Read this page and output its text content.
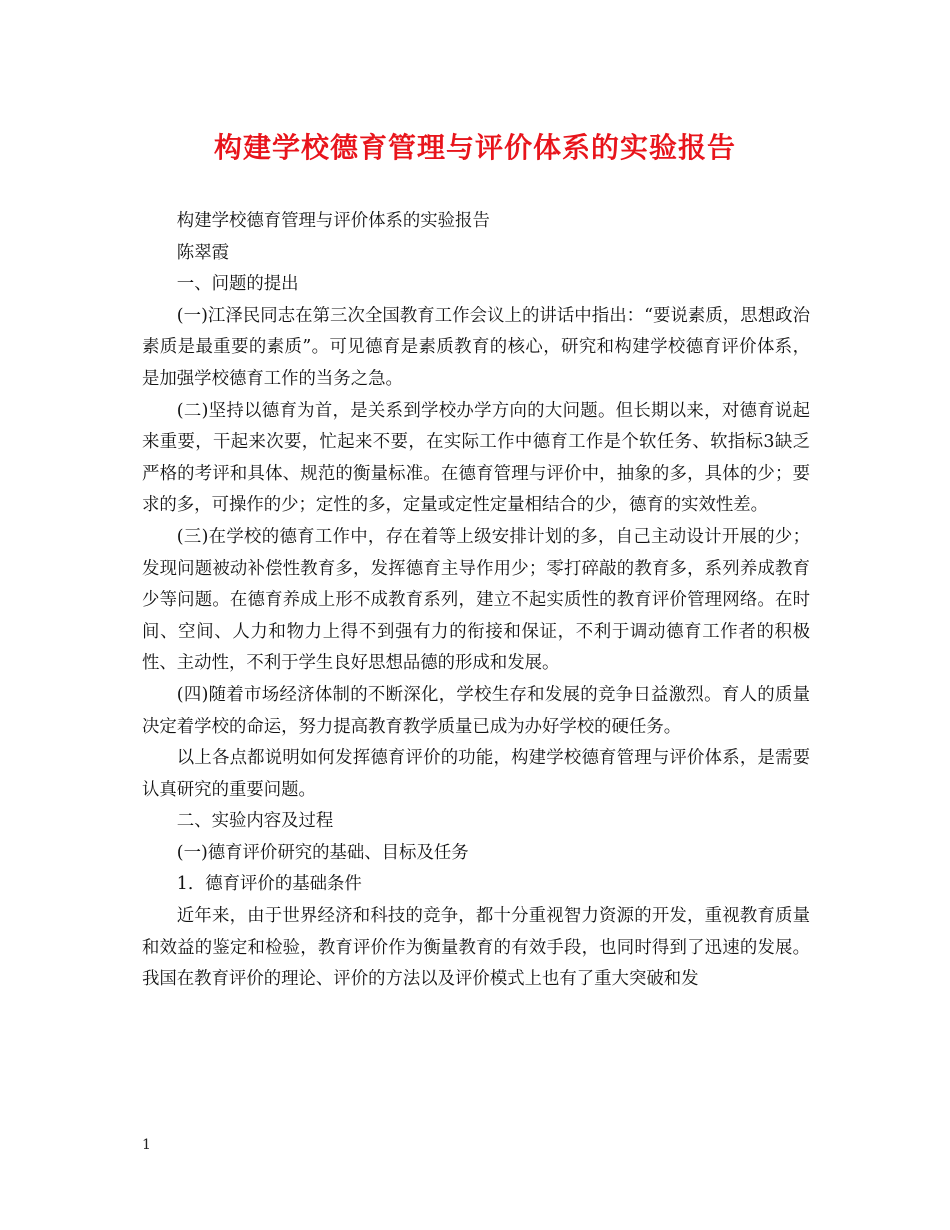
构建学校德育管理与评价体系的实验报告

构建学校德育管理与评价体系的实验报告

陈翠霞

一、问题的提出

(一)江泽民同志在第三次全国教育工作会议上的讲话中指出：“要说素质，思想政治素质是最重要的素质”。可见德育是素质教育的核心，研究和构建学校德育评价体系，是加强学校德育工作的当务之急。

(二)坚持以德育为首，是关系到学校办学方向的大问题。但长期以来，对德育说起来重要，干起来次要，忙起来不要，在实际工作中德育工作是个软任务、软指标3缺乏严格的考评和具体、规范的衡量标准。在德育管理与评价中，抽象的多，具体的少；要求的多，可操作的少；定性的多，定量或定性定量相结合的少，德育的实效性差。

(三)在学校的德育工作中，存在着等上级安排计划的多，自己主动设计开展的少；发现问题被动补偿性教育多，发挥德育主导作用少；零打碎敲的教育多，系列养成教育少等问题。在德育养成上形不成教育系列，建立不起实质性的教育评价管理网络。在时间、空间、人力和物力上得不到强有力的衔接和保证，不利于调动德育工作者的积极性、主动性，不利于学生良好思想品德的形成和发展。

(四)随着市场经济体制的不断深化，学校生存和发展的竞争日益激烈。育人的质量决定着学校的命运，努力提高教育教学质量已成为办好学校的硬任务。

以上各点都说明如何发挥德育评价的功能，构建学校德育管理与评价体系，是需要认真研究的重要问题。

二、实验内容及过程

(一)德育评价研究的基础、目标及任务

1．德育评价的基础条件

近年来，由于世界经济和科技的竞争，都十分重视智力资源的开发，重视教育质量和效益的鉴定和检验，教育评价作为衡量教育的有效手段，也同时得到了迅速的发展。我国在教育评价的理论、评价的方法以及评价模式上也有了重大突破和发

1
